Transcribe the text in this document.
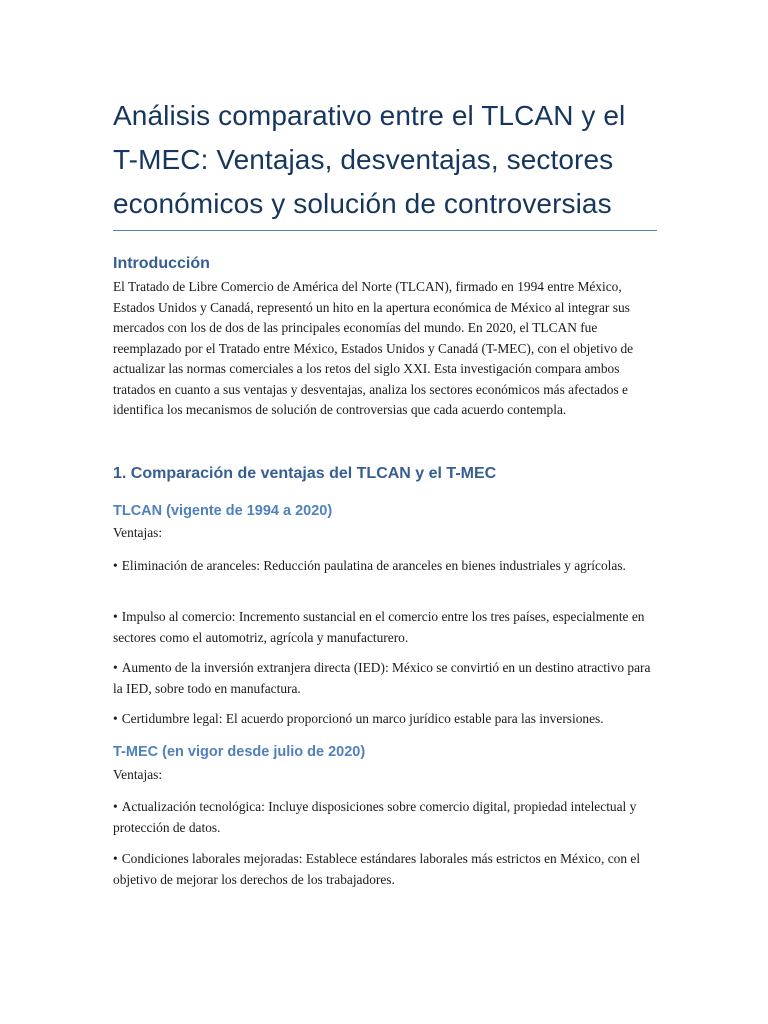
Análisis comparativo entre el TLCAN y el T-MEC: Ventajas, desventajas, sectores económicos y solución de controversias
Introducción

El Tratado de Libre Comercio de América del Norte (TLCAN), firmado en 1994 entre México, Estados Unidos y Canadá, representó un hito en la apertura económica de México al integrar sus mercados con los de dos de las principales economías del mundo. En 2020, el TLCAN fue reemplazado por el Tratado entre México, Estados Unidos y Canadá (T-MEC), con el objetivo de actualizar las normas comerciales a los retos del siglo XXI. Esta investigación compara ambos tratados en cuanto a sus ventajas y desventajas, analiza los sectores económicos más afectados e identifica los mecanismos de solución de controversias que cada acuerdo contempla.

1. Comparación de ventajas del TLCAN y el T-MEC
TLCAN (vigente de 1994 a 2020)

Ventajas:

• Eliminación de aranceles: Reducción paulatina de aranceles en bienes industriales y agrícolas.

• Impulso al comercio: Incremento sustancial en el comercio entre los tres países, especialmente en sectores como el automotriz, agrícola y manufacturero.

• Aumento de la inversión extranjera directa (IED): México se convirtió en un destino atractivo para la IED, sobre todo en manufactura.

• Certidumbre legal: El acuerdo proporcionó un marco jurídico estable para las inversiones.

T-MEC (en vigor desde julio de 2020)

Ventajas:

• Actualización tecnológica: Incluye disposiciones sobre comercio digital, propiedad intelectual y protección de datos.

• Condiciones laborales mejoradas: Establece estándares laborales más estrictos en México, con el objetivo de mejorar los derechos de los trabajadores.
